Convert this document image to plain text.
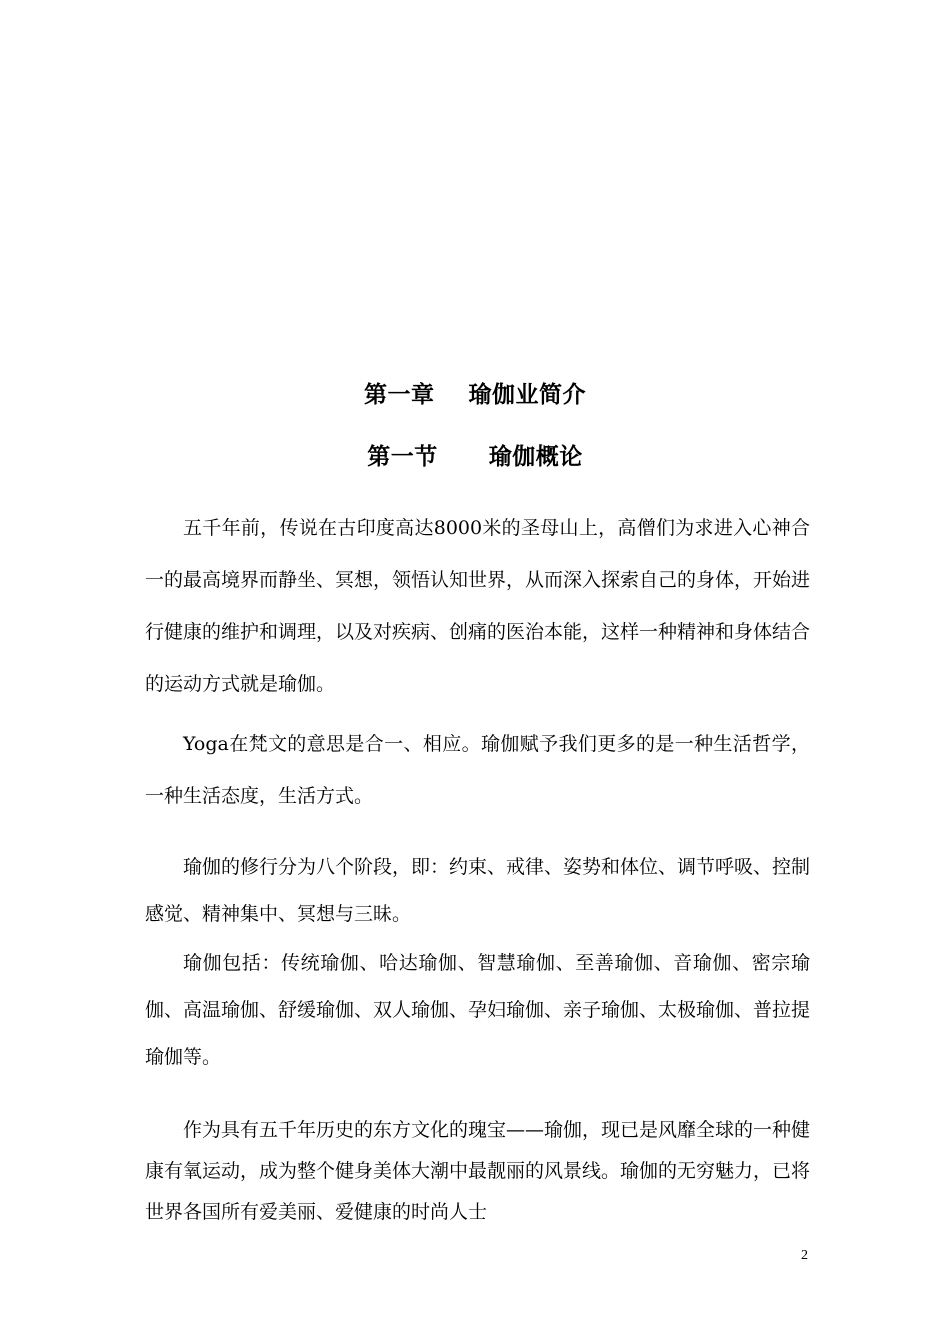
第一章    瑜伽业简介
第一节      瑜伽概论

五千年前，传说在古印度高达8000米的圣母山上，高僧们为求进入心神合一的最高境界而静坐、冥想，领悟认知世界，从而深入探索自己的身体，开始进行健康的维护和调理，以及对疾病、创痛的医治本能，这样一种精神和身体结合的运动方式就是瑜伽。

Yoga在梵文的意思是合一、相应。瑜伽赋予我们更多的是一种生活哲学，一种生活态度，生活方式。

瑜伽的修行分为八个阶段，即：约束、戒律、姿势和体位、调节呼吸、控制感觉、精神集中、冥想与三昧。

瑜伽包括：传统瑜伽、哈达瑜伽、智慧瑜伽、至善瑜伽、音瑜伽、密宗瑜伽、高温瑜伽、舒缓瑜伽、双人瑜伽、孕妇瑜伽、亲子瑜伽、太极瑜伽、普拉提瑜伽等。

作为具有五千年历史的东方文化的瑰宝——瑜伽，现已是风靡全球的一种健康有氧运动，成为整个健身美体大潮中最靓丽的风景线。瑜伽的无穷魅力，已将世界各国所有爱美丽、爱健康的时尚人士

2
